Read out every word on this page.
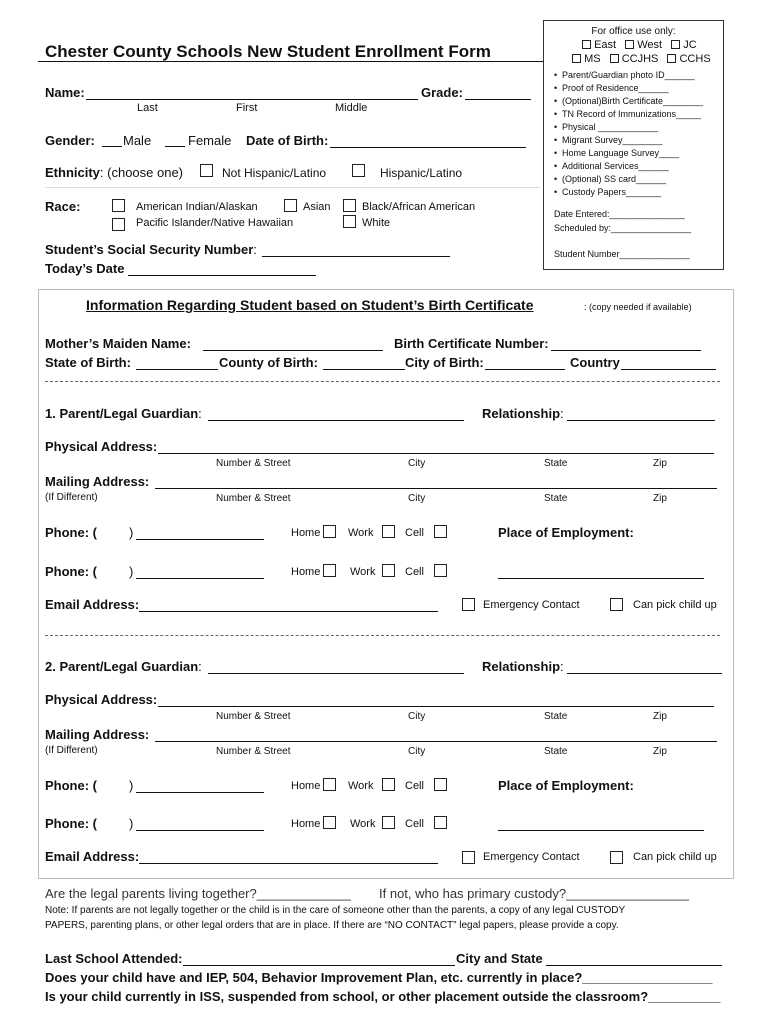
Chester County Schools New Student Enrollment Form
For office use only:
East West JC
MS CCJHS CCHS
• Parent/Guardian photo ID______
• Proof of Residence______
• (Optional)Birth Certificate________
• TN Record of Immunizations_____
• Physical ____________
• Migrant Survey________
• Home Language Survey____
• Additional Services______
• (Optional) SS card______
• Custody Papers_______
Date Entered:_______________
Scheduled by:________________
Student Number______________
Name:	Grade:
Last	First	Middle
Gender: Male	Female Date of Birth:
Ethnicity: (choose one)	Not Hispanic/Latino	Hispanic/Latino
Race:	American Indian/Alaskan	Asian	Black/African American
Pacific Islander/Native Hawaiian	White
Student’s Social Security Number:
Today’s Date
Information Regarding Student based on Student’s Birth Certificate	: (copy needed if available)
Mother’s Maiden Name:	Birth Certificate Number:
State of Birth:	County of Birth:	City of Birth:	Country
1. Parent/Legal Guardian:	Relationship:
Physical Address:
Number & Street	City	State	Zip
Mailing Address:
(If Different)	Number & Street	City	State	Zip
Phone: ( )	Home	Work	Cell	Place of Employment:
Phone: ( )	Home	Work	Cell
Email Address:	Emergency Contact	Can pick child up
2. Parent/Legal Guardian:	Relationship:
Physical Address:
Number & Street	City	State	Zip
Mailing Address:
(If Different)	Number & Street	City	State	Zip
Phone: ( )	Home	Work	Cell	Place of Employment:
Phone: ( )	Home	Work	Cell
Email Address:	Emergency Contact	Can pick child up
Are the legal parents living together?_____________ If not, who has primary custody?_________________
Note: If parents are not legally together or the child is in the care of someone other than the parents, a copy of any legal CUSTODY
PAPERS, parenting plans, or other legal orders that are in place. If there are “NO CONTACT” legal papers, please provide a copy.
Last School Attended:	City and State
Does your child have and IEP, 504, Behavior Improvement Plan, etc. currently in place?__________________
Is your child currently in ISS, suspended from school, or other placement outside the classroom?__________
